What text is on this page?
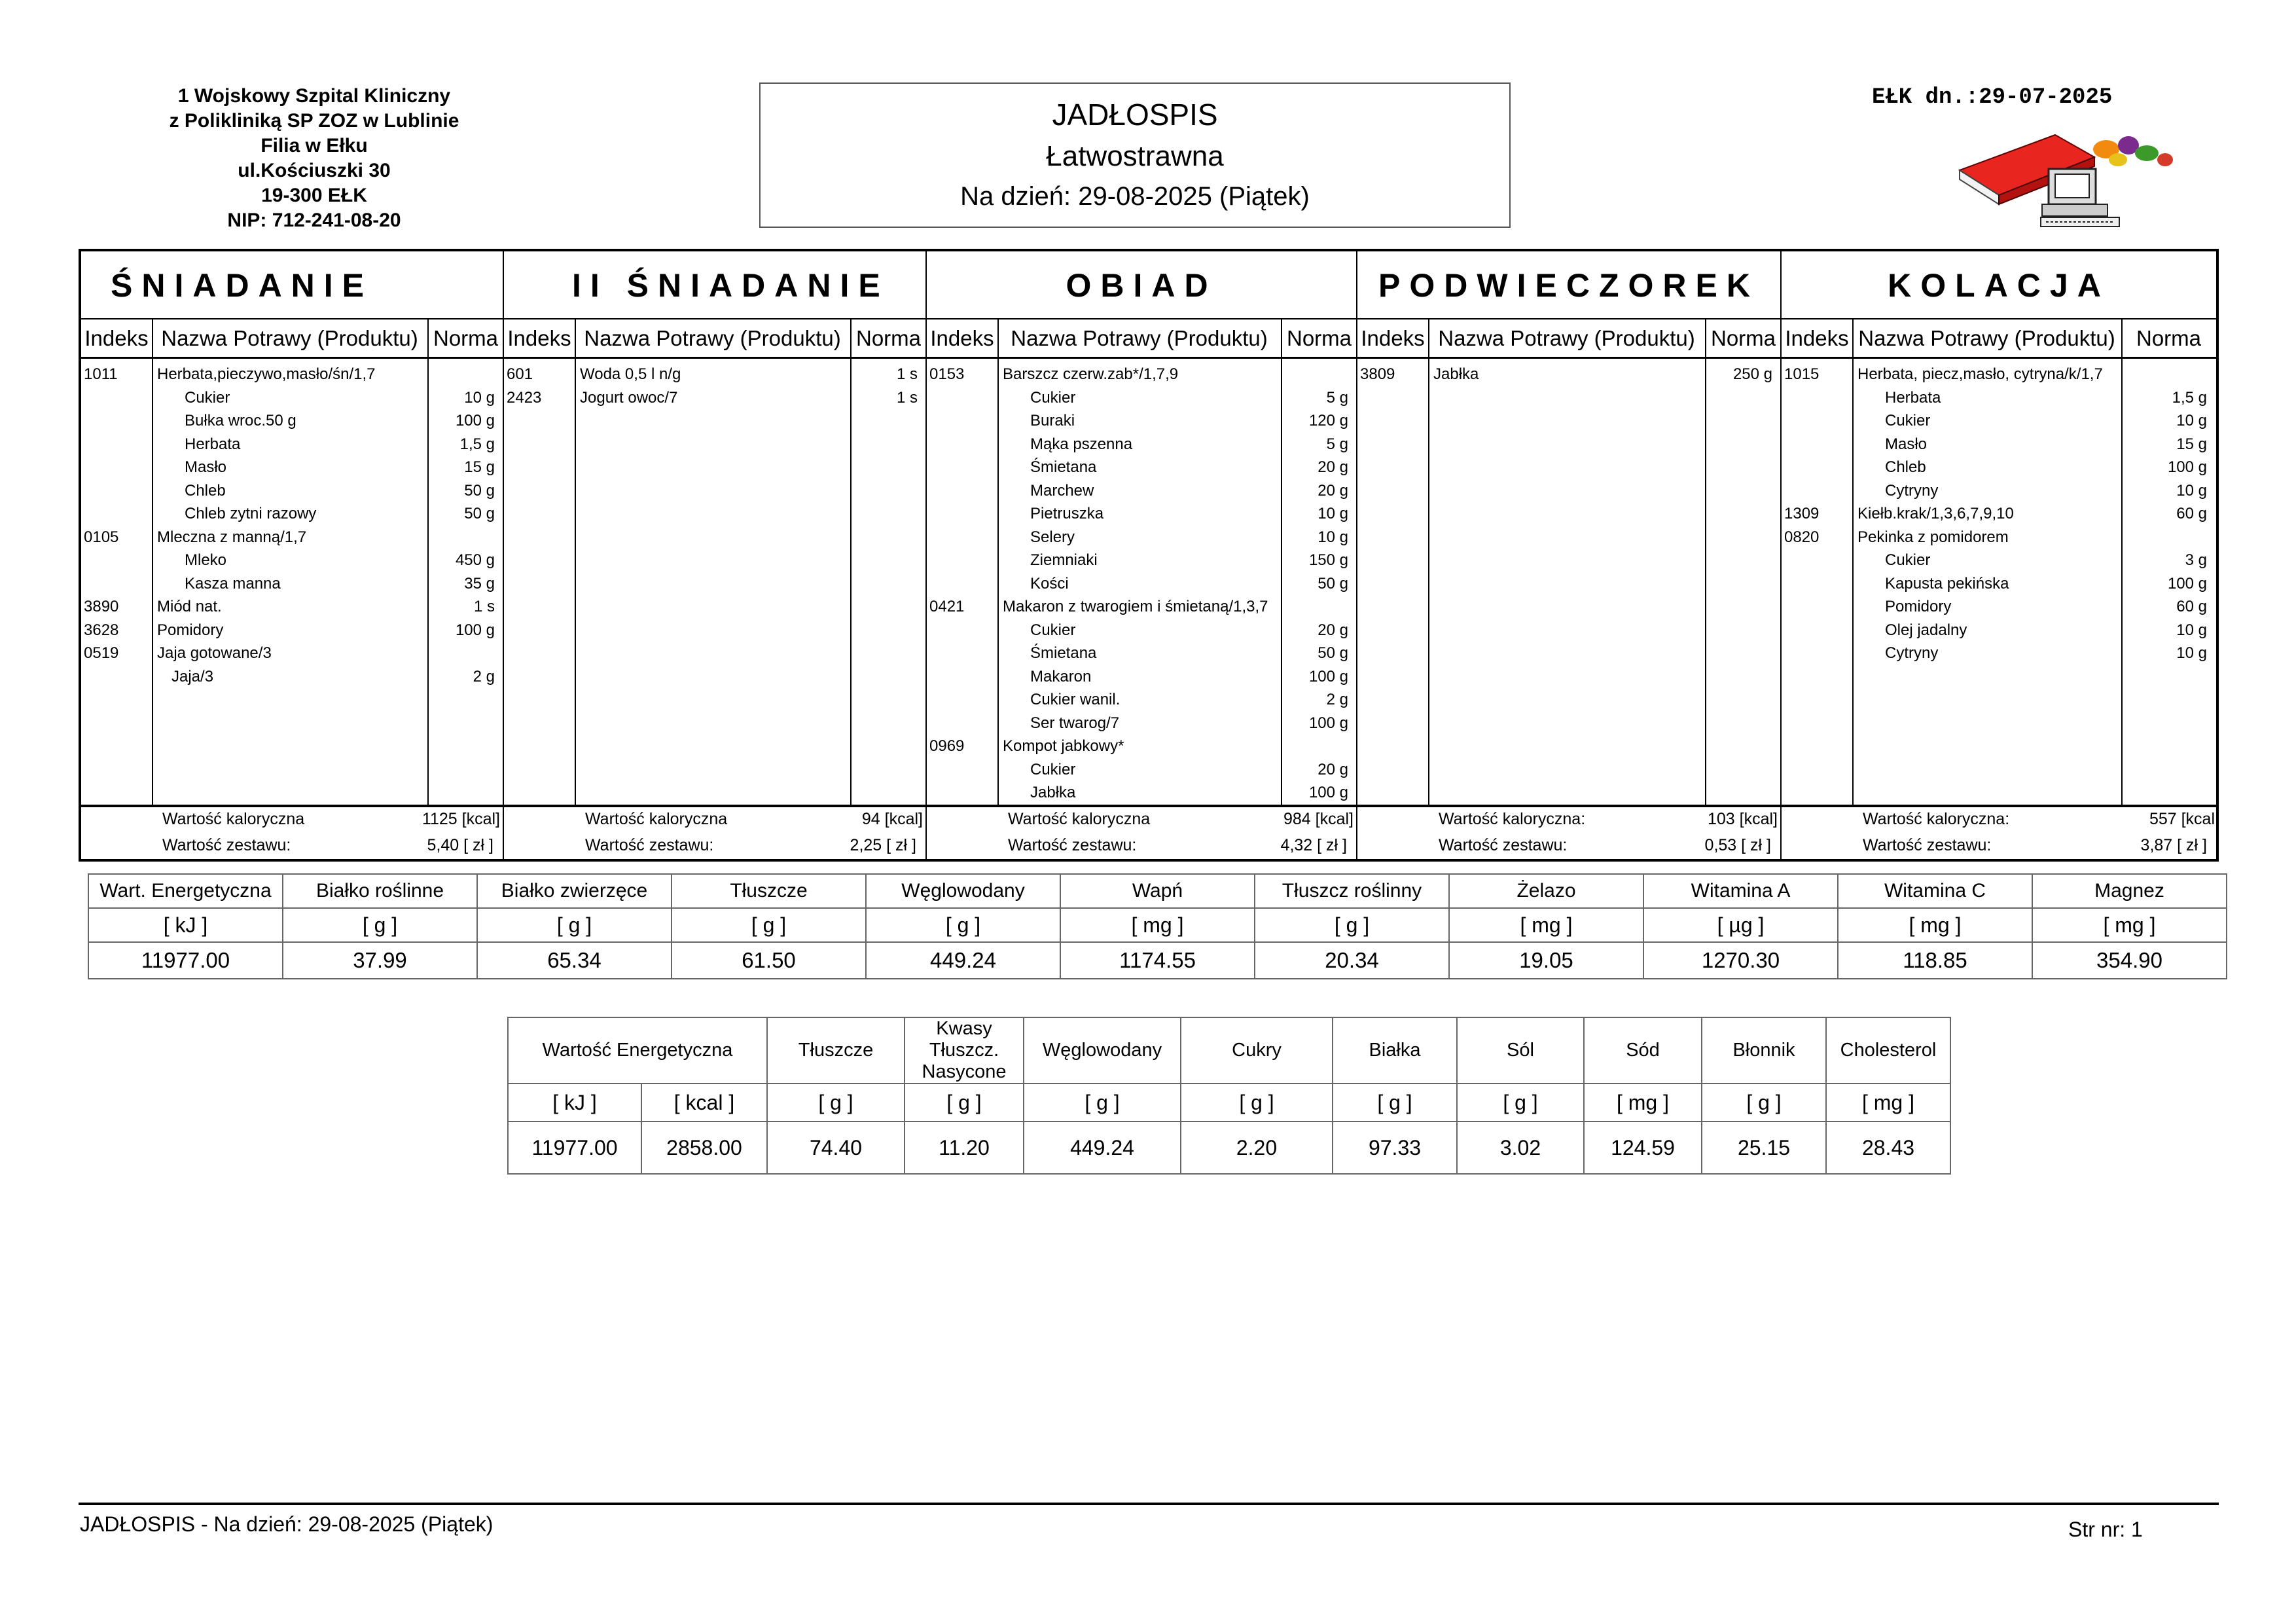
1 Wojskowy Szpital Kliniczny
z Polikliniką SP ZOZ w Lublinie
Filia w Ełku
ul.Kościuszki 30
19-300 EŁK
NIP: 712-241-08-20
JADŁOSPIS
Łatwostrawna
Na dzień: 29-08-2025 (Piątek)
EŁK dn.:29-07-2025
ŚNIADANIE
Indeks Nazwa Potrawy (Produktu) Norma
1011	Herbata,pieczywo,masło/śn/1,7
Cukier	10 g
Bułka wroc.50 g	100 g
Herbata	1,5 g
Masło	15 g
Chleb	50 g
Chleb zytni razowy	50 g
0105 Mleczna z manną/1,7
Mleko	450 g
Kasza manna	35 g
3890 Miód nat.	1 s
3628 Pomidory	100 g
0519 Jaja gotowane/3
Jaja/3	2 g
Wartość kaloryczna	1125 [kcal]
Wartość zestawu:	5,40 [ zł ]
II ŚNIADANIE
Indeks Nazwa Potrawy (Produktu) Norma
601	Woda 0,5 l n/g	1 s
2423 Jogurt owoc/7	1 s
Wartość kaloryczna	94 [kcal]
Wartość zestawu:	2,25 [ zł ]
OBIAD
Indeks Nazwa Potrawy (Produktu) Norma
0153 Barszcz czerw.zab*/1,7,9
Cukier	5 g
Buraki	120 g
Mąka pszenna	5 g
Śmietana	20 g
Marchew	20 g
Pietruszka	10 g
Selery	10 g
Ziemniaki	150 g
Kości	50 g
0421 Makaron z twarogiem i śmietaną/1,3,7
Cukier	20 g
Śmietana	50 g
Makaron	100 g
Cukier wanil.	2 g
Ser twarog/7	100 g
0969 Kompot jabkowy*
Cukier	20 g
Jabłka	100 g
Wartość kaloryczna	984 [kcal]
Wartość zestawu:	4,32 [ zł ]
PODWIECZOREK
Indeks Nazwa Potrawy (Produktu) Norma
3809 Jabłka	250 g
Wartość kaloryczna:	103 [kcal]
Wartość zestawu:	0,53 [ zł ]
KOLACJA
Indeks Nazwa Potrawy (Produktu) Norma
1015 Herbata, piecz,masło, cytryna/k/1,7
Herbata	1,5 g
Cukier	10 g
Masło	15 g
Chleb	100 g
Cytryny	10 g
1309 Kiełb.krak/1,3,6,7,9,10	60 g
0820 Pekinka z pomidorem
Cukier	3 g
Kapusta pekińska	100 g
Pomidory	60 g
Olej jadalny	10 g
Cytryny	10 g
Wartość kaloryczna:	557 [kcal
Wartość zestawu:	3,87 [ zł ]
Wart. Energetyczna	Białko roślinne	Białko zwierzęce	Tłuszcze	Węglowodany	Wapń	Tłuszcz roślinny	Żelazo	Witamina A	Witamina C	Magnez
[ kJ ]	[ g ]	[ g ]	[ g ]	[ g ]	[ mg ]	[ g ]	[ mg ]	[ µg ]	[ mg ]	[ mg ]
11977.00	37.99	65.34	61.50	449.24	1174.55	20.34	19.05	1270.30	118.85	354.90
Wartość Energetyczna		Tłuszcze	Kwasy Tłuszcz. Nasycone	Węglowodany	Cukry	Białka	Sól	Sód	Błonnik	Cholesterol
[ kJ ]	[ kcal ]	[ g ]	[ g ]	[ g ]	[ g ]	[ g ]	[ g ]	[ mg ]	[ g ]	[ mg ]
11977.00	2858.00	74.40	11.20	449.24	2.20	97.33	3.02	124.59	25.15	28.43
JADŁOSPIS - Na dzień: 29-08-2025 (Piątek)	Str nr: 1
